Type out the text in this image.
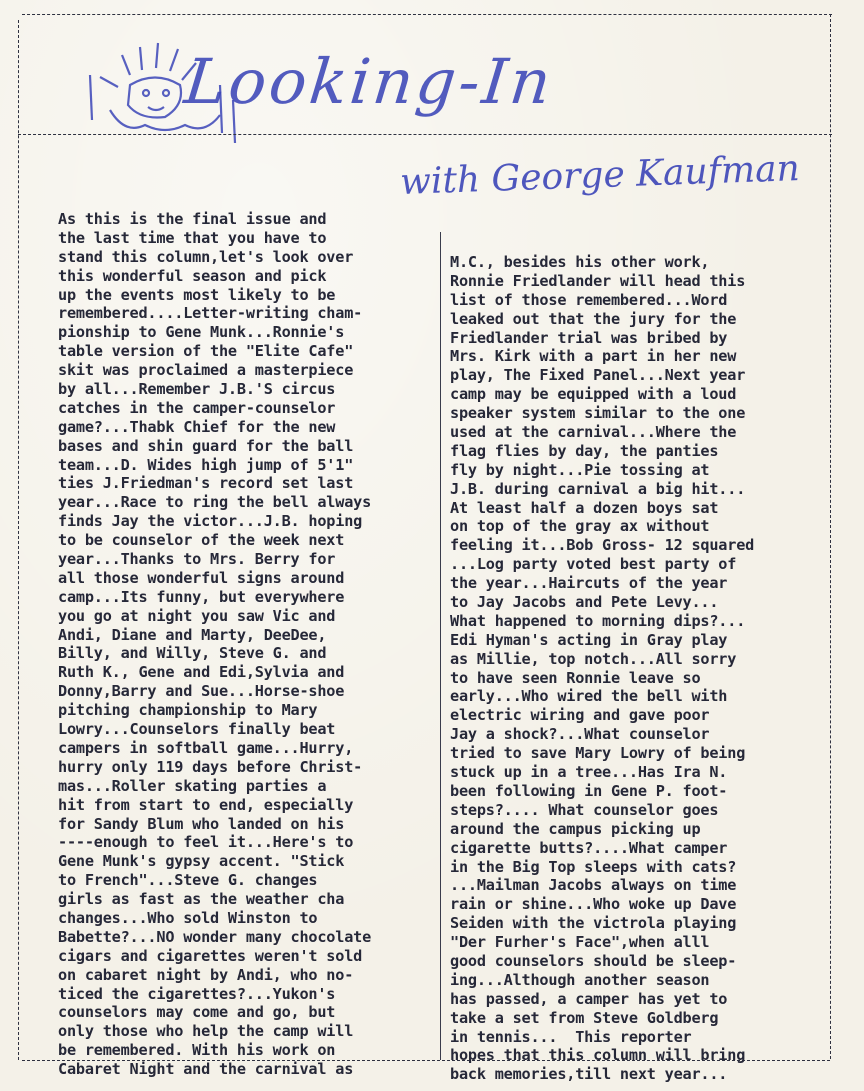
Looking-In
with George Kaufman
As this is the final issue and
the last time that you have to
stand this column,let's look over
this wonderful season and pick
up the events most likely to be
remembered....Letter-writing cham-
pionship to Gene Munk...Ronnie's
table version of the "Elite Cafe"
skit was proclaimed a masterpiece
by all...Remember J.B.'S circus
catches in the camper-counselor
game?...Thabk Chief for the new
bases and shin guard for the ball
team...D. Wides high jump of 5'1"
ties J.Friedman's record set last
year...Race to ring the bell always
finds Jay the victor...J.B. hoping
to be counselor of the week next
year...Thanks to Mrs. Berry for
all those wonderful signs around
camp...Its funny, but everywhere
you go at night you saw Vic and
Andi, Diane and Marty, DeeDee,
Billy, and Willy, Steve G. and
Ruth K., Gene and Edi,Sylvia and
Donny,Barry and Sue...Horse-shoe
pitching championship to Mary
Lowry...Counselors finally beat
campers in softball game...Hurry,
hurry only 119 days before Christ-
mas...Roller skating parties a
hit from start to end, especially
for Sandy Blum who landed on his
----enough to feel it...Here's to
Gene Munk's gypsy accent. "Stick
to French"...Steve G. changes
girls as fast as the weather cha
changes...Who sold Winston to
Babette?...NO wonder many chocolate
cigars and cigarettes weren't sold
on cabaret night by Andi, who no-
ticed the cigarettes?...Yukon's
counselors may come and go, but
only those who help the camp will
be remembered. With his work on
Cabaret Night and the carnival as
M.C., besides his other work,
Ronnie Friedlander will head this
list of those remembered...Word
leaked out that the jury for the
Friedlander trial was bribed by
Mrs. Kirk with a part in her new
play, The Fixed Panel...Next year
camp may be equipped with a loud
speaker system similar to the one
used at the carnival...Where the
flag flies by day, the panties
fly by night...Pie tossing at
J.B. during carnival a big hit...
At least half a dozen boys sat
on top of the gray ax without
feeling it...Bob Gross- 12 squared
...Log party voted best party of
the year...Haircuts of the year
to Jay Jacobs and Pete Levy...
What happened to morning dips?...
Edi Hyman's acting in Gray play
as Millie, top notch...All sorry
to have seen Ronnie leave so
early...Who wired the bell with
electric wiring and gave poor
Jay a shock?...What counselor
tried to save Mary Lowry of being
stuck up in a tree...Has Ira N.
been following in Gene P. foot-
steps?.... What counselor goes
around the campus picking up
cigarette butts?....What camper
in the Big Top sleeps with cats?
...Mailman Jacobs always on time
rain or shine...Who woke up Dave
Seiden with the victrola playing
"Der Furher's Face",when alll
good counselors should be sleep-
ing...Although another season
has passed, a camper has yet to
take a set from Steve Goldberg
in tennis...  This reporter
hopes that this column will bring
back memories,till next year...
